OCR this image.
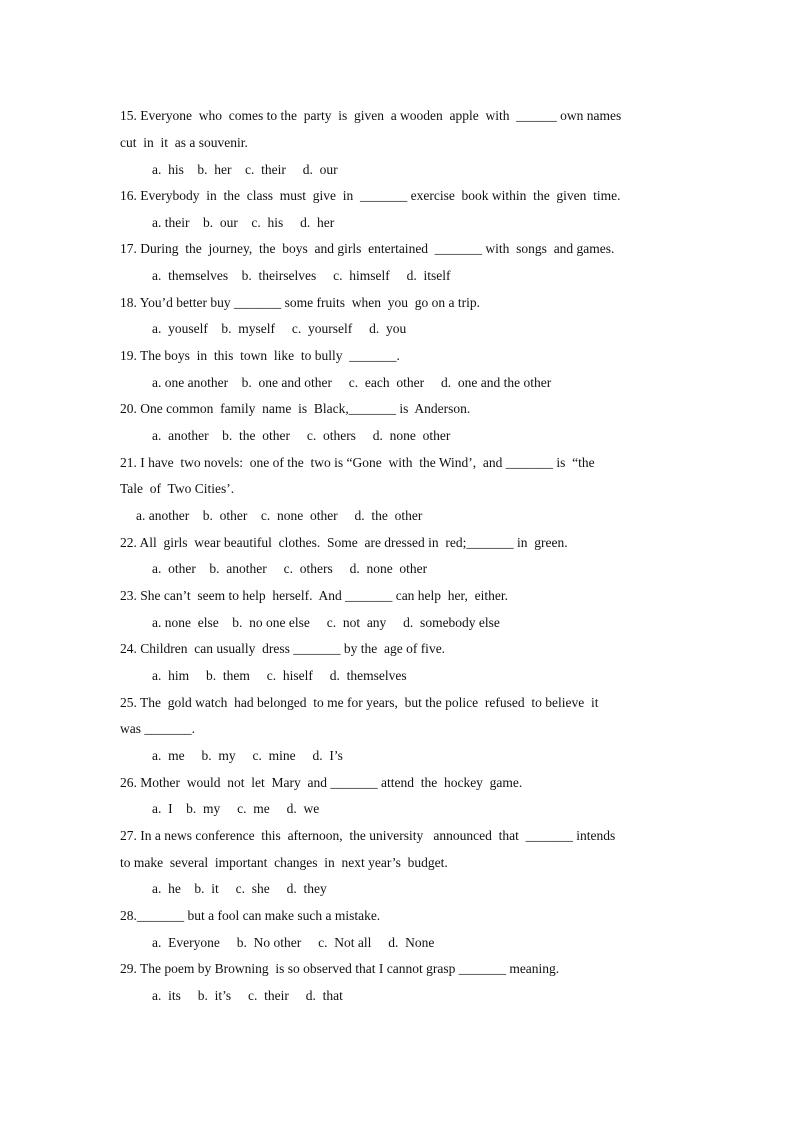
15. Everyone  who  comes to the  party  is  given  a wooden  apple  with  ______ own names
cut  in  it  as a souvenir.
a.  his    b.  her    c.  their     d.  our
16. Everybody  in  the  class  must  give  in  _______ exercise  book within  the  given  time.
a. their    b.  our    c.  his     d.  her
17. During  the  journey,  the  boys  and girls  entertained  _______ with  songs  and games.
a.  themselves    b.  theirselves     c.  himself     d.  itself
18. You’d better buy _______ some fruits  when  you  go on a trip.
a.  youself    b.  myself     c.  yourself     d.  you
19. The boys  in  this  town  like  to bully  _______.
a. one another    b.  one and other     c.  each  other     d.  one and the other
20. One common  family  name  is  Black,_______ is  Anderson.
a.  another    b.  the  other     c.  others     d.  none  other
21. I have  two novels:  one of the  two is “Gone  with  the Wind’,  and _______ is  “the
Tale  of  Two Cities’.
a. another    b.  other    c.  none  other     d.  the  other
22. All  girls  wear beautiful  clothes.  Some  are dressed in  red;_______ in  green.
a.  other    b.  another     c.  others     d.  none  other
23. She can’t  seem to help  herself.  And _______ can help  her,  either.
a. none  else    b.  no one else     c.  not  any     d.  somebody else
24. Children  can usually  dress _______ by the  age of five.
a.  him     b.  them     c.  hiself     d.  themselves
25. The  gold watch  had belonged  to me for years,  but the police  refused  to believe  it
was _______.
a.  me     b.  my     c.  mine     d.  I’s
26. Mother  would  not  let  Mary  and _______ attend  the  hockey  game.
a.  I    b.  my     c.  me     d.  we
27. In a news conference  this  afternoon,  the university   announced  that  _______ intends
to make  several  important  changes  in  next year’s  budget.
a.  he    b.  it     c.  she     d.  they
28._______ but a fool can make such a mistake.
a.  Everyone     b.  No other     c.  Not all     d.  None
29. The poem by Browning  is so observed that I cannot grasp _______ meaning.
a.  its     b.  it’s     c.  their     d.  that
